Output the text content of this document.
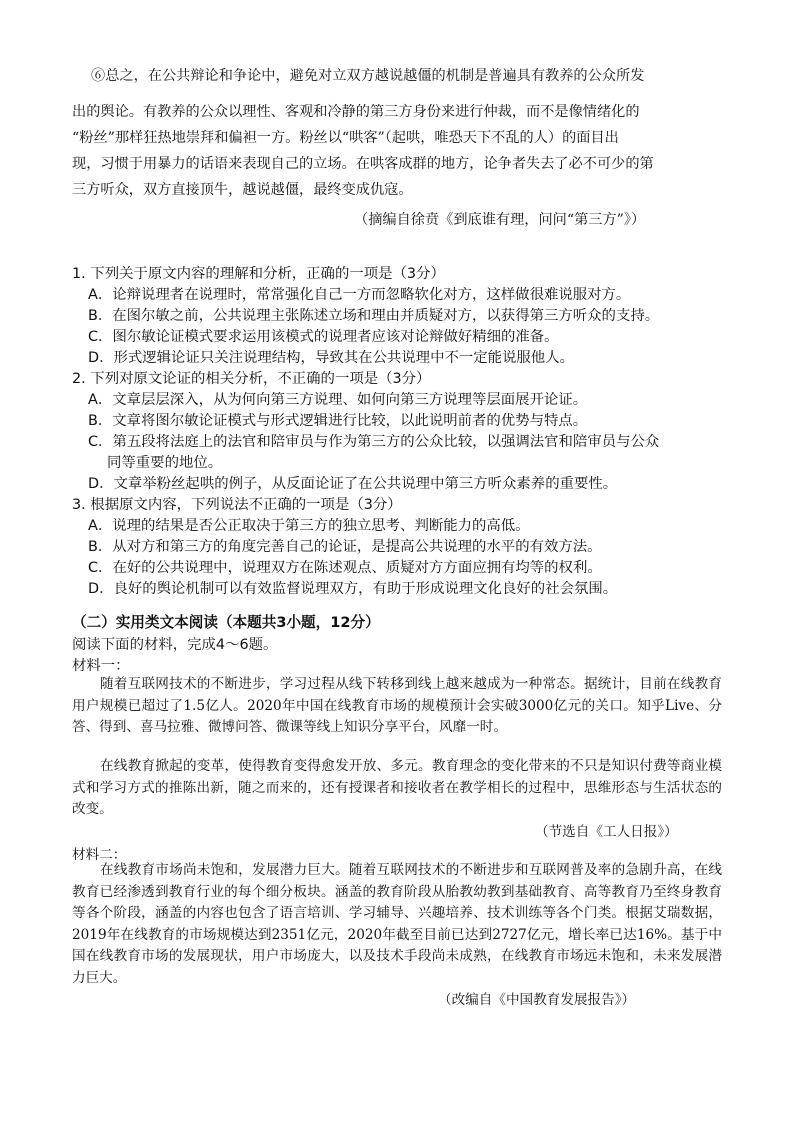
⑥总之，在公共辩论和争论中，避免对立双方越说越僵的机制是普遍具有教养的公众所发
出的舆论。有教养的公众以理性、客观和冷静的第三方身份来进行仲裁，而不是像情绪化的
“粉丝”那样狂热地崇拜和偏袒一方。粉丝以“哄客”（起哄，唯恐天下不乱的人）的面目出
现，习惯于用暴力的话语来表现自己的立场。在哄客成群的地方，论争者失去了必不可少的第
三方听众，双方直接顶牛，越说越僵，最终变成仇寇。
（摘编自徐贲《到底谁有理，问问“第三方”》）
1. 下列关于原文内容的理解和分析，正确的一项是（3分）
A．论辩说理者在说理时，常常强化自己一方而忽略软化对方，这样做很难说服对方。
B．在图尔敏之前，公共说理主张陈述立场和理由并质疑对方，以获得第三方听众的支持。
C．图尔敏论证模式要求运用该模式的说理者应该对论辩做好精细的准备。
D．形式逻辑论证只关注说理结构，导致其在公共说理中不一定能说服他人。
2. 下列对原文论证的相关分析，不正确的一项是（3分）
A．文章层层深入，从为何向第三方说理、如何向第三方说理等层面展开论证。
B．文章将图尔敏论证模式与形式逻辑进行比较，以此说明前者的优势与特点。
C．第五段将法庭上的法官和陪审员与作为第三方的公众比较，以强调法官和陪审员与公众
同等重要的地位。
D．文章举粉丝起哄的例子，从反面论证了在公共说理中第三方听众素养的重要性。
3. 根据原文内容，下列说法不正确的一项是（3分）
A．说理的结果是否公正取决于第三方的独立思考、判断能力的高低。
B．从对方和第三方的角度完善自己的论证，是提高公共说理的水平的有效方法。
C．在好的公共说理中，说理双方在陈述观点、质疑对方方面应拥有均等的权利。
D．良好的舆论机制可以有效监督说理双方，有助于形成说理文化良好的社会氛围。
（二）实用类文本阅读（本题共3小题，12分）
阅读下面的材料，完成4～6题。
材料一：
随着互联网技术的不断进步，学习过程从线下转移到线上越来越成为一种常态。据统计，目前在线教育用户规模已超过了1.5亿人。2020年中国在线教育市场的规模预计会实破3000亿元的关口。知乎Live、分答、得到、喜马拉雅、微博问答、微课等线上知识分享平台，风靡一时。
在线教育掀起的变革，使得教育变得愈发开放、多元。教育理念的变化带来的不只是知识付费等商业模式和学习方式的推陈出新，随之而来的，还有授课者和接收者在教学相长的过程中，思维形态与生活状态的改变。
（节选自《工人日报》）
材料二：
在线教育市场尚未饱和，发展潜力巨大。随着互联网技术的不断进步和互联网普及率的急剧升高，在线教育已经渗透到教育行业的每个细分板块。涵盖的教育阶段从胎教幼教到基础教育、高等教育乃至终身教育等各个阶段，涵盖的内容也包含了语言培训、学习辅导、兴趣培养、技术训练等各个门类。根据艾瑞数据，2019年在线教育的市场规模达到2351亿元，2020年截至目前已达到2727亿元，增长率已达16%。基于中国在线教育市场的发展现状，用户市场庞大，以及技术手段尚未成熟，在线教育市场远未饱和，未来发展潜力巨大。
（改编自《中国教育发展报告》）
